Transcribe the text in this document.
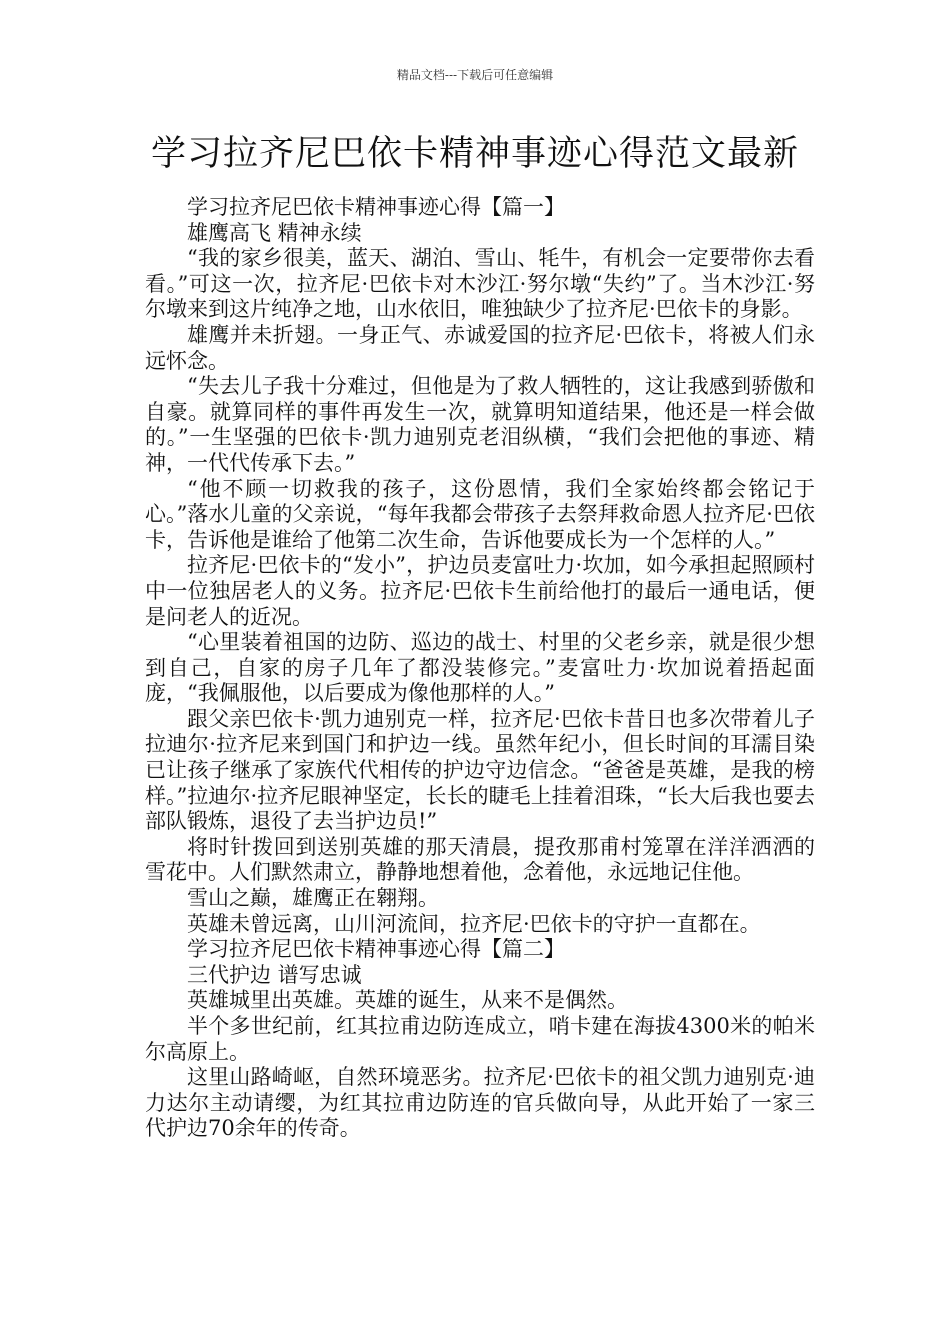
精品文档---下载后可任意编辑
学习拉齐尼巴依卡精神事迹心得范文最新

学习拉齐尼巴依卡精神事迹心得【篇一】

雄鹰高飞 精神永续

“我的家乡很美，蓝天、湖泊、雪山、牦牛，有机会一定要带你去看看。”可这一次，拉齐尼·巴依卡对木沙江·努尔墩“失约”了。当木沙江·努尔墩来到这片纯净之地，山水依旧，唯独缺少了拉齐尼·巴依卡的身影。

雄鹰并未折翅。一身正气、赤诚爱国的拉齐尼·巴依卡，将被人们永远怀念。

“失去儿子我十分难过，但他是为了救人牺牲的，这让我感到骄傲和自豪。就算同样的事件再发生一次，就算明知道结果，他还是一样会做的。”一生坚强的巴依卡·凯力迪别克老泪纵横，“我们会把他的事迹、精神，一代代传承下去。”

“他不顾一切救我的孩子，这份恩情，我们全家始终都会铭记于心。”落水儿童的父亲说，“每年我都会带孩子去祭拜救命恩人拉齐尼·巴依卡，告诉他是谁给了他第二次生命，告诉他要成长为一个怎样的人。”

拉齐尼·巴依卡的“发小”，护边员麦富吐力·坎加，如今承担起照顾村中一位独居老人的义务。拉齐尼·巴依卡生前给他打的最后一通电话，便是问老人的近况。

“心里装着祖国的边防、巡边的战士、村里的父老乡亲，就是很少想到自己，自家的房子几年了都没装修完。”麦富吐力·坎加说着捂起面庞，“我佩服他，以后要成为像他那样的人。”

跟父亲巴依卡·凯力迪别克一样，拉齐尼·巴依卡昔日也多次带着儿子拉迪尔·拉齐尼来到国门和护边一线。虽然年纪小，但长时间的耳濡目染已让孩子继承了家族代代相传的护边守边信念。“爸爸是英雄，是我的榜样。”拉迪尔·拉齐尼眼神坚定，长长的睫毛上挂着泪珠，“长大后我也要去部队锻炼，退役了去当护边员!”

将时针拨回到送别英雄的那天清晨，提孜那甫村笼罩在洋洋洒洒的雪花中。人们默然肃立，静静地想着他，念着他，永远地记住他。

雪山之巅，雄鹰正在翱翔。

英雄未曾远离，山川河流间，拉齐尼·巴依卡的守护一直都在。

学习拉齐尼巴依卡精神事迹心得【篇二】

三代护边 谱写忠诚

英雄城里出英雄。英雄的诞生，从来不是偶然。

半个多世纪前，红其拉甫边防连成立，哨卡建在海拔4300米的帕米尔高原上。

这里山路崎岖，自然环境恶劣。拉齐尼·巴依卡的祖父凯力迪别克·迪力达尔主动请缨，为红其拉甫边防连的官兵做向导，从此开始了一家三代护边70余年的传奇。
